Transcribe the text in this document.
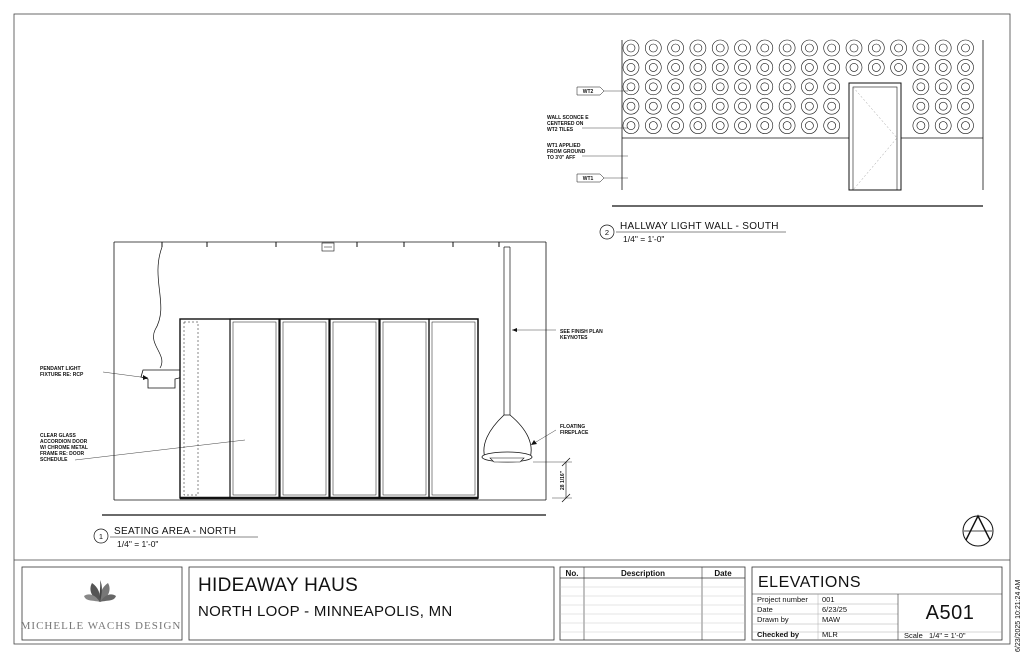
WT2
WT1
WALL SCONCE E CENTERED ON WT2 TILES
WT1 APPLIED FROM GROUND TO 3'0" AFF
2
HALLWAY LIGHT WALL - SOUTH
1/4" = 1'-0"
28 1/16"
PENDANT LIGHT FIXTURE RE: RCP
CLEAR GLASS ACCORDION DOOR W/ CHROME METAL FRAME RE: DOOR SCHEDULE
SEE FINISH PLAN KEYNOTES
FLOATING FIREPLACE
1 SEATING AREA - NORTH
1/4" = 1'-0"
MICHELLE WACHS DESIGN
HIDEAWAY HAUS
NORTH LOOP - MINNEAPOLIS, MN
No.	Description	Date
ELEVATIONS
Project number 001
Date	6/23/25
Drawn by	MAW
Checked by	MLR
A501
Scale 1/4" = 1'-0"	6/23/2025 10:21:24 AM
